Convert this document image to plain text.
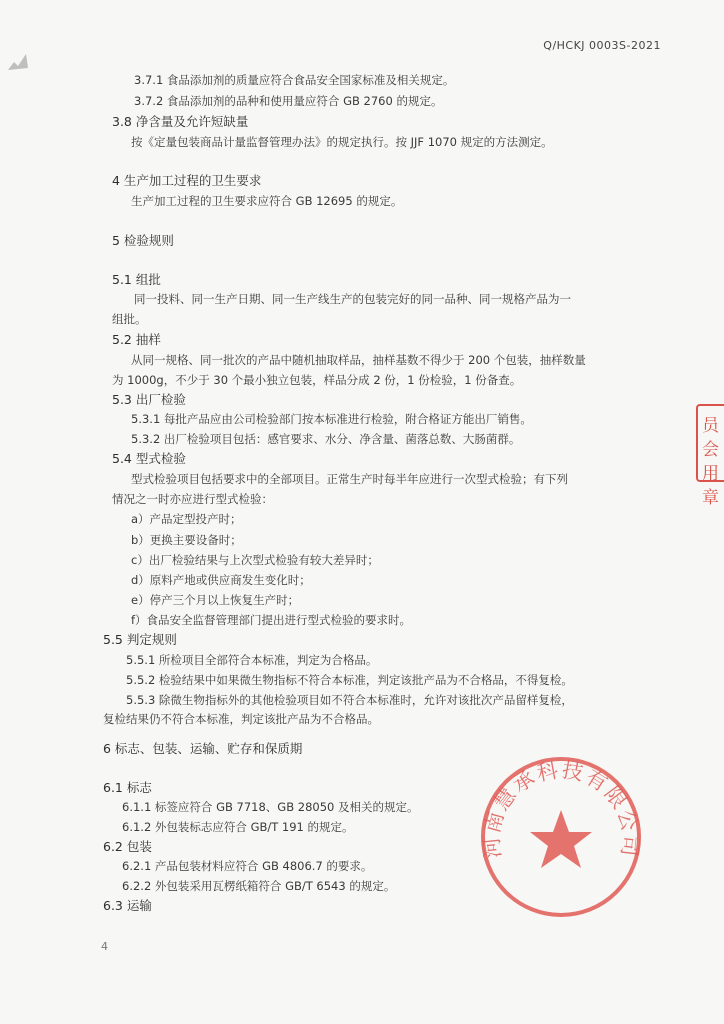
Q/HCKJ 0003S-2021
3.7.1 食品添加剂的质量应符合食品安全国家标准及相关规定。
3.7.2 食品添加剂的品种和使用量应符合 GB 2760 的规定。
3.8 净含量及允许短缺量
按《定量包装商品计量监督管理办法》的规定执行。按 JJF 1070 规定的方法测定。
4 生产加工过程的卫生要求
生产加工过程的卫生要求应符合 GB 12695 的规定。
5 检验规则
5.1 组批
同一投料、同一生产日期、同一生产线生产的包装完好的同一品种、同一规格产品为一
组批。
5.2 抽样
从同一规格、同一批次的产品中随机抽取样品，抽样基数不得少于 200 个包装，抽样数量
为 1000g，不少于 30 个最小独立包装，样品分成 2 份，1 份检验，1 份备查。
5.3 出厂检验
5.3.1 每批产品应由公司检验部门按本标准进行检验，附合格证方能出厂销售。
5.3.2 出厂检验项目包括：感官要求、水分、净含量、菌落总数、大肠菌群。
5.4 型式检验
型式检验项目包括要求中的全部项目。正常生产时每半年应进行一次型式检验；有下列
情况之一时亦应进行型式检验：
a）产品定型投产时；
b）更换主要设备时；
c）出厂检验结果与上次型式检验有较大差异时；
d）原料产地或供应商发生变化时；
e）停产三个月以上恢复生产时；
f）食品安全监督管理部门提出进行型式检验的要求时。
5.5 判定规则
5.5.1 所检项目全部符合本标准，判定为合格品。
5.5.2 检验结果中如果微生物指标不符合本标准，判定该批产品为不合格品，不得复检。
5.5.3 除微生物指标外的其他检验项目如不符合本标准时，允许对该批次产品留样复检，
复检结果仍不符合本标准，判定该批产品为不合格品。
6 标志、包装、运输、贮存和保质期
6.1 标志
6.1.1 标签应符合 GB 7718、GB 28050 及相关的规定。
6.1.2 外包装标志应符合 GB/T 191 的规定。
6.2 包装
6.2.1 产品包装材料应符合 GB 4806.7 的要求。
6.2.2 外包装采用瓦楞纸箱符合 GB/T 6543 的规定。
6.3 运输
员会
用章
河南慧承科技有限公司
4
